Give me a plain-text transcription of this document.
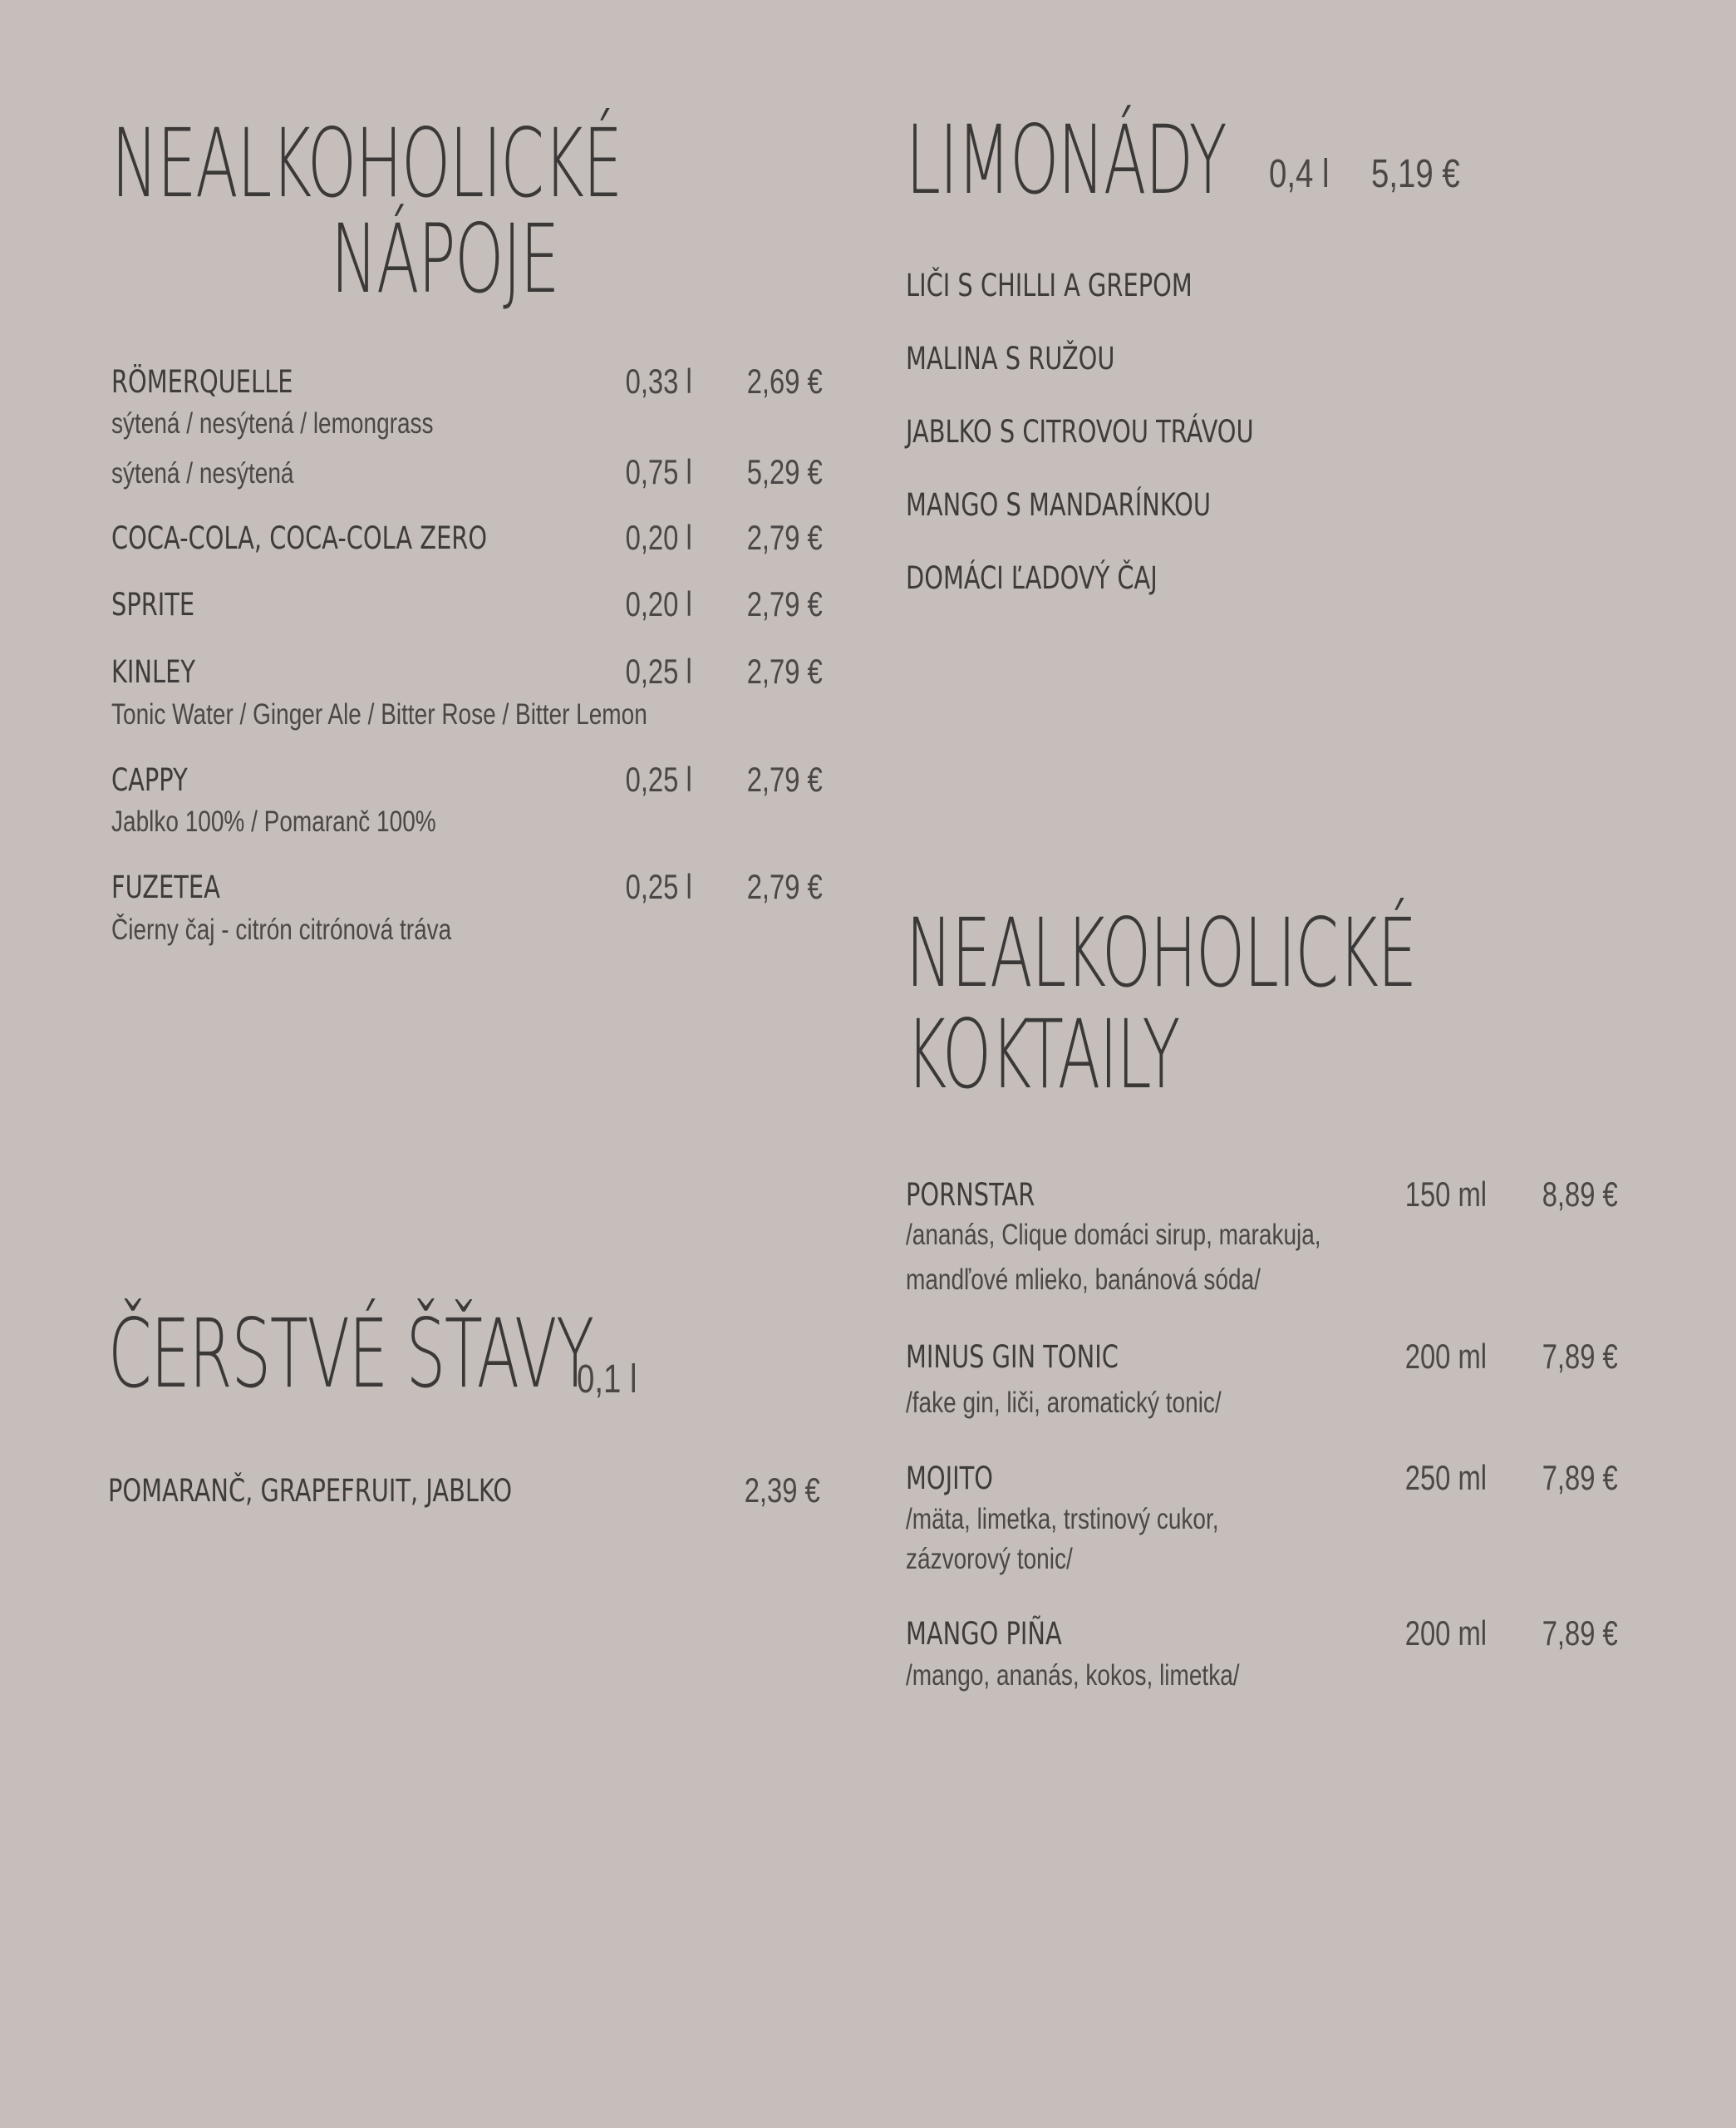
NEALKOHOLICKÉ
NÁPOJE
RÖMERQUELLE	0,33 l 2,69 €
sýtená / nesýtená / lemongrass
sýtená / nesýtená	0,75 l 5,29 €
COCA-COLA, COCA-COLA ZERO	0,20 l 2,79 €
SPRITE	0,20 l 2,79 €
KINLEY	0,25 l 2,79 €
Tonic Water / Ginger Ale / Bitter Rose / Bitter Lemon
CAPPY	0,25 l 2,79 €
Jablko 100% / Pomaranč 100%
FUZETEA	0,25 l 2,79 €
Čierny čaj - citrón citrónová tráva
LIMONÁDY 0,4 l 5,19 €
LIČI S CHILLI A GREPOM
MALINA S RUŽOU
JABLKO S CITROVOU TRÁVOU
MANGO S MANDARÍNKOU
DOMÁCI ĽADOVÝ ČAJ
ČERSTVÉ ŠŤAVY
0,1 l
POMARANČ, GRAPEFRUIT, JABLKO	2,39 €
NEALKOHOLICKÉ
KOKTAILY
PORNSTAR	150 ml 8,89 €
/ananás, Clique domáci sirup, marakuja,
mandľové mlieko, banánová sóda/
MINUS GIN TONIC	200 ml 7,89 €
/fake gin, liči, aromatický tonic/
MOJITO	250 ml 7,89 €
/mäta, limetka, trstinový cukor,
zázvorový tonic/
MANGO PIÑA	200 ml 7,89 €
/mango, ananás, kokos, limetka/
